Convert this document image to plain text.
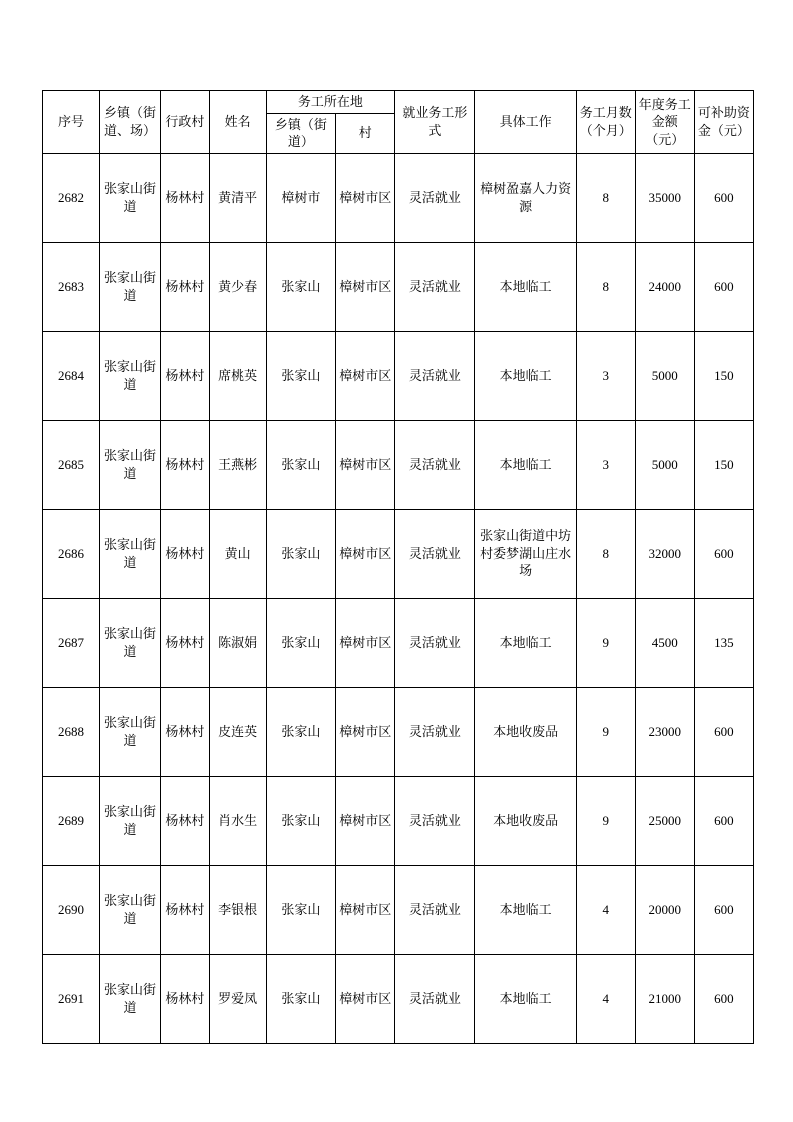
序号	乡镇（街道、场）	行政村	姓名	务工所在地		就业务工形式	具体工作	务工月数（个月）	年度务工金额（元）	可补助资金（元）
				乡镇（街道）	村					
2682	张家山街道	杨林村	黄清平	樟树市	樟树市区	灵活就业	樟树盈嘉人力资源	8	35000	600
2683	张家山街道	杨林村	黄少春	张家山	樟树市区	灵活就业	本地临工	8	24000	600
2684	张家山街道	杨林村	席桃英	张家山	樟树市区	灵活就业	本地临工	3	5000	150
2685	张家山街道	杨林村	王燕彬	张家山	樟树市区	灵活就业	本地临工	3	5000	150
2686	张家山街道	杨林村	黄山	张家山	樟树市区	灵活就业	张家山街道中坊村委梦湖山庄水场	8	32000	600
2687	张家山街道	杨林村	陈淑娟	张家山	樟树市区	灵活就业	本地临工	9	4500	135
2688	张家山街道	杨林村	皮连英	张家山	樟树市区	灵活就业	本地收废品	9	23000	600
2689	张家山街道	杨林村	肖水生	张家山	樟树市区	灵活就业	本地收废品	9	25000	600
2690	张家山街道	杨林村	李银根	张家山	樟树市区	灵活就业	本地临工	4	20000	600
2691	张家山街道	杨林村	罗爱凤	张家山	樟树市区	灵活就业	本地临工	4	21000	600
